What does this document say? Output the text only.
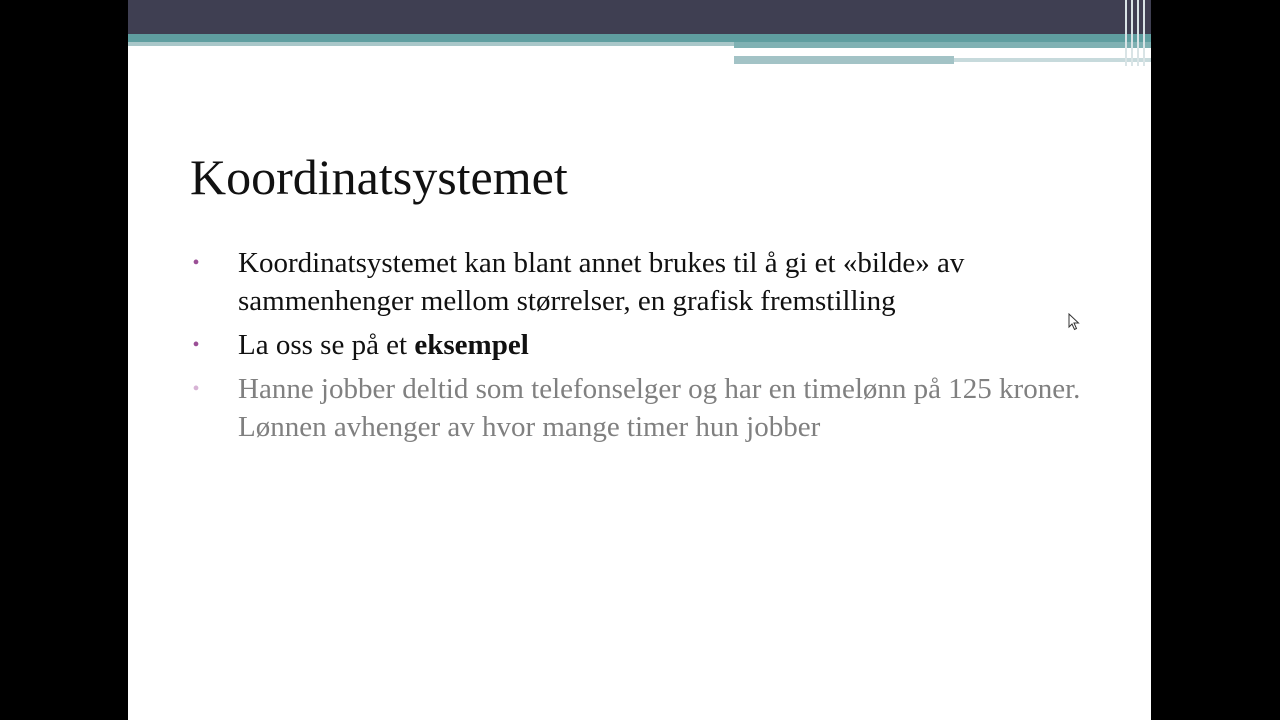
Koordinatsystemet
• Koordinatsystemet kan blant annet brukes til å gi et «bilde» av sammenhenger mellom størrelser, en grafisk fremstilling
• La oss se på et eksempel
• Hanne jobber deltid som telefonselger og har en timelønn på 125 kroner. Lønnen avhenger av hvor mange timer hun jobber
